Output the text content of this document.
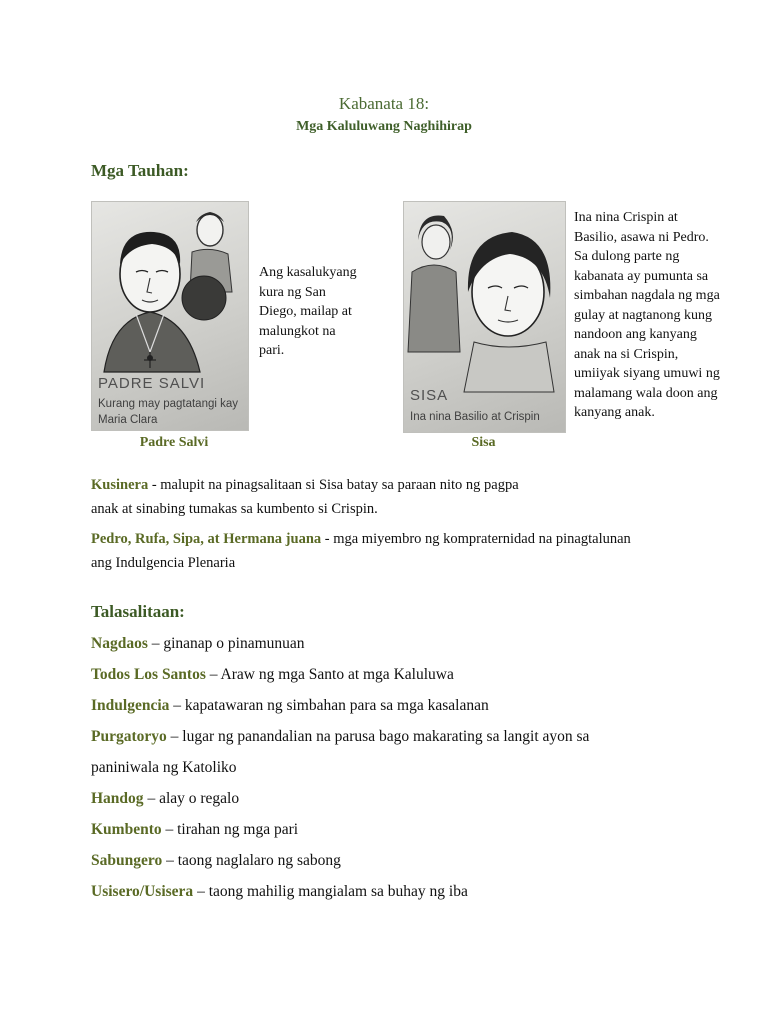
Kabanata 18:
Mga Kaluluwang Naghihirap
Mga Tauhan:
PADRE SALVI
Kurang may pagtatangi kay
Maria Clara
Padre Salvi
Ang kasalukyang
kura ng San
Diego, mailap at
malungkot na
pari.
SISA
Ina nina Basilio at Crispin
Sisa
Ina nina Crispin at
Basilio, asawa ni Pedro.
Sa dulong parte ng
kabanata ay pumunta sa
simbahan nagdala ng mga
gulay at nagtanong kung
nandoon ang kanyang
anak na si Crispin,
umiiyak siyang umuwi ng
malamang wala doon ang
kanyang anak.
Kusinera - malupit na pinagsalitaan si Sisa batay sa paraan nito ng pagpa
anak at sinabing tumakas sa kumbento si Crispin.
Pedro, Rufa, Sipa, at Hermana juana - mga miyembro ng kompraternidad na pinagtalunan
ang Indulgencia Plenaria
Talasalitaan:
Nagdaos – ginanap o pinamunuan
Todos Los Santos – Araw ng mga Santo at mga Kaluluwa
Indulgencia – kapatawaran ng simbahan para sa mga kasalanan
Purgatoryo – lugar ng panandalian na parusa bago makarating sa langit ayon sa
paniniwala ng Katoliko
Handog – alay o regalo
Kumbento – tirahan ng mga pari
Sabungero – taong naglalaro ng sabong
Usisero/Usisera – taong mahilig mangialam sa buhay ng iba
